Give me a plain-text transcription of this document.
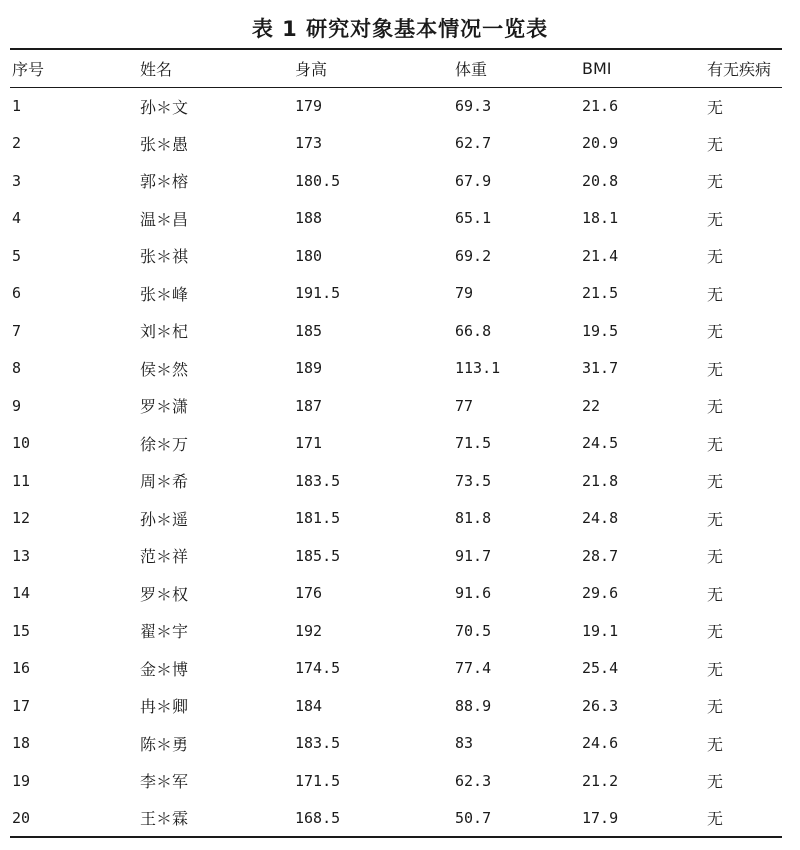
表 1 研究对象基本情况一览表
序号	姓名	身高	体重	BMI	有无疾病
1	孙＊文	179	69.3	21.6	无
2	张＊愚	173	62.7	20.9	无
3	郭＊榕	180.5	67.9	20.8	无
4	温＊昌	188	65.1	18.1	无
5	张＊祺	180	69.2	21.4	无
6	张＊峰	191.5	79	21.5	无
7	刘＊杞	185	66.8	19.5	无
8	侯＊然	189	113.1	31.7	无
9	罗＊潇	187	77	22	无
10	徐＊万	171	71.5	24.5	无
11	周＊希	183.5	73.5	21.8	无
12	孙＊遥	181.5	81.8	24.8	无
13	范＊祥	185.5	91.7	28.7	无
14	罗＊权	176	91.6	29.6	无
15	翟＊宇	192	70.5	19.1	无
16	金＊博	174.5	77.4	25.4	无
17	冉＊卿	184	88.9	26.3	无
18	陈＊勇	183.5	83	24.6	无
19	李＊军	171.5	62.3	21.2	无
20	王＊霖	168.5	50.7	17.9	无
